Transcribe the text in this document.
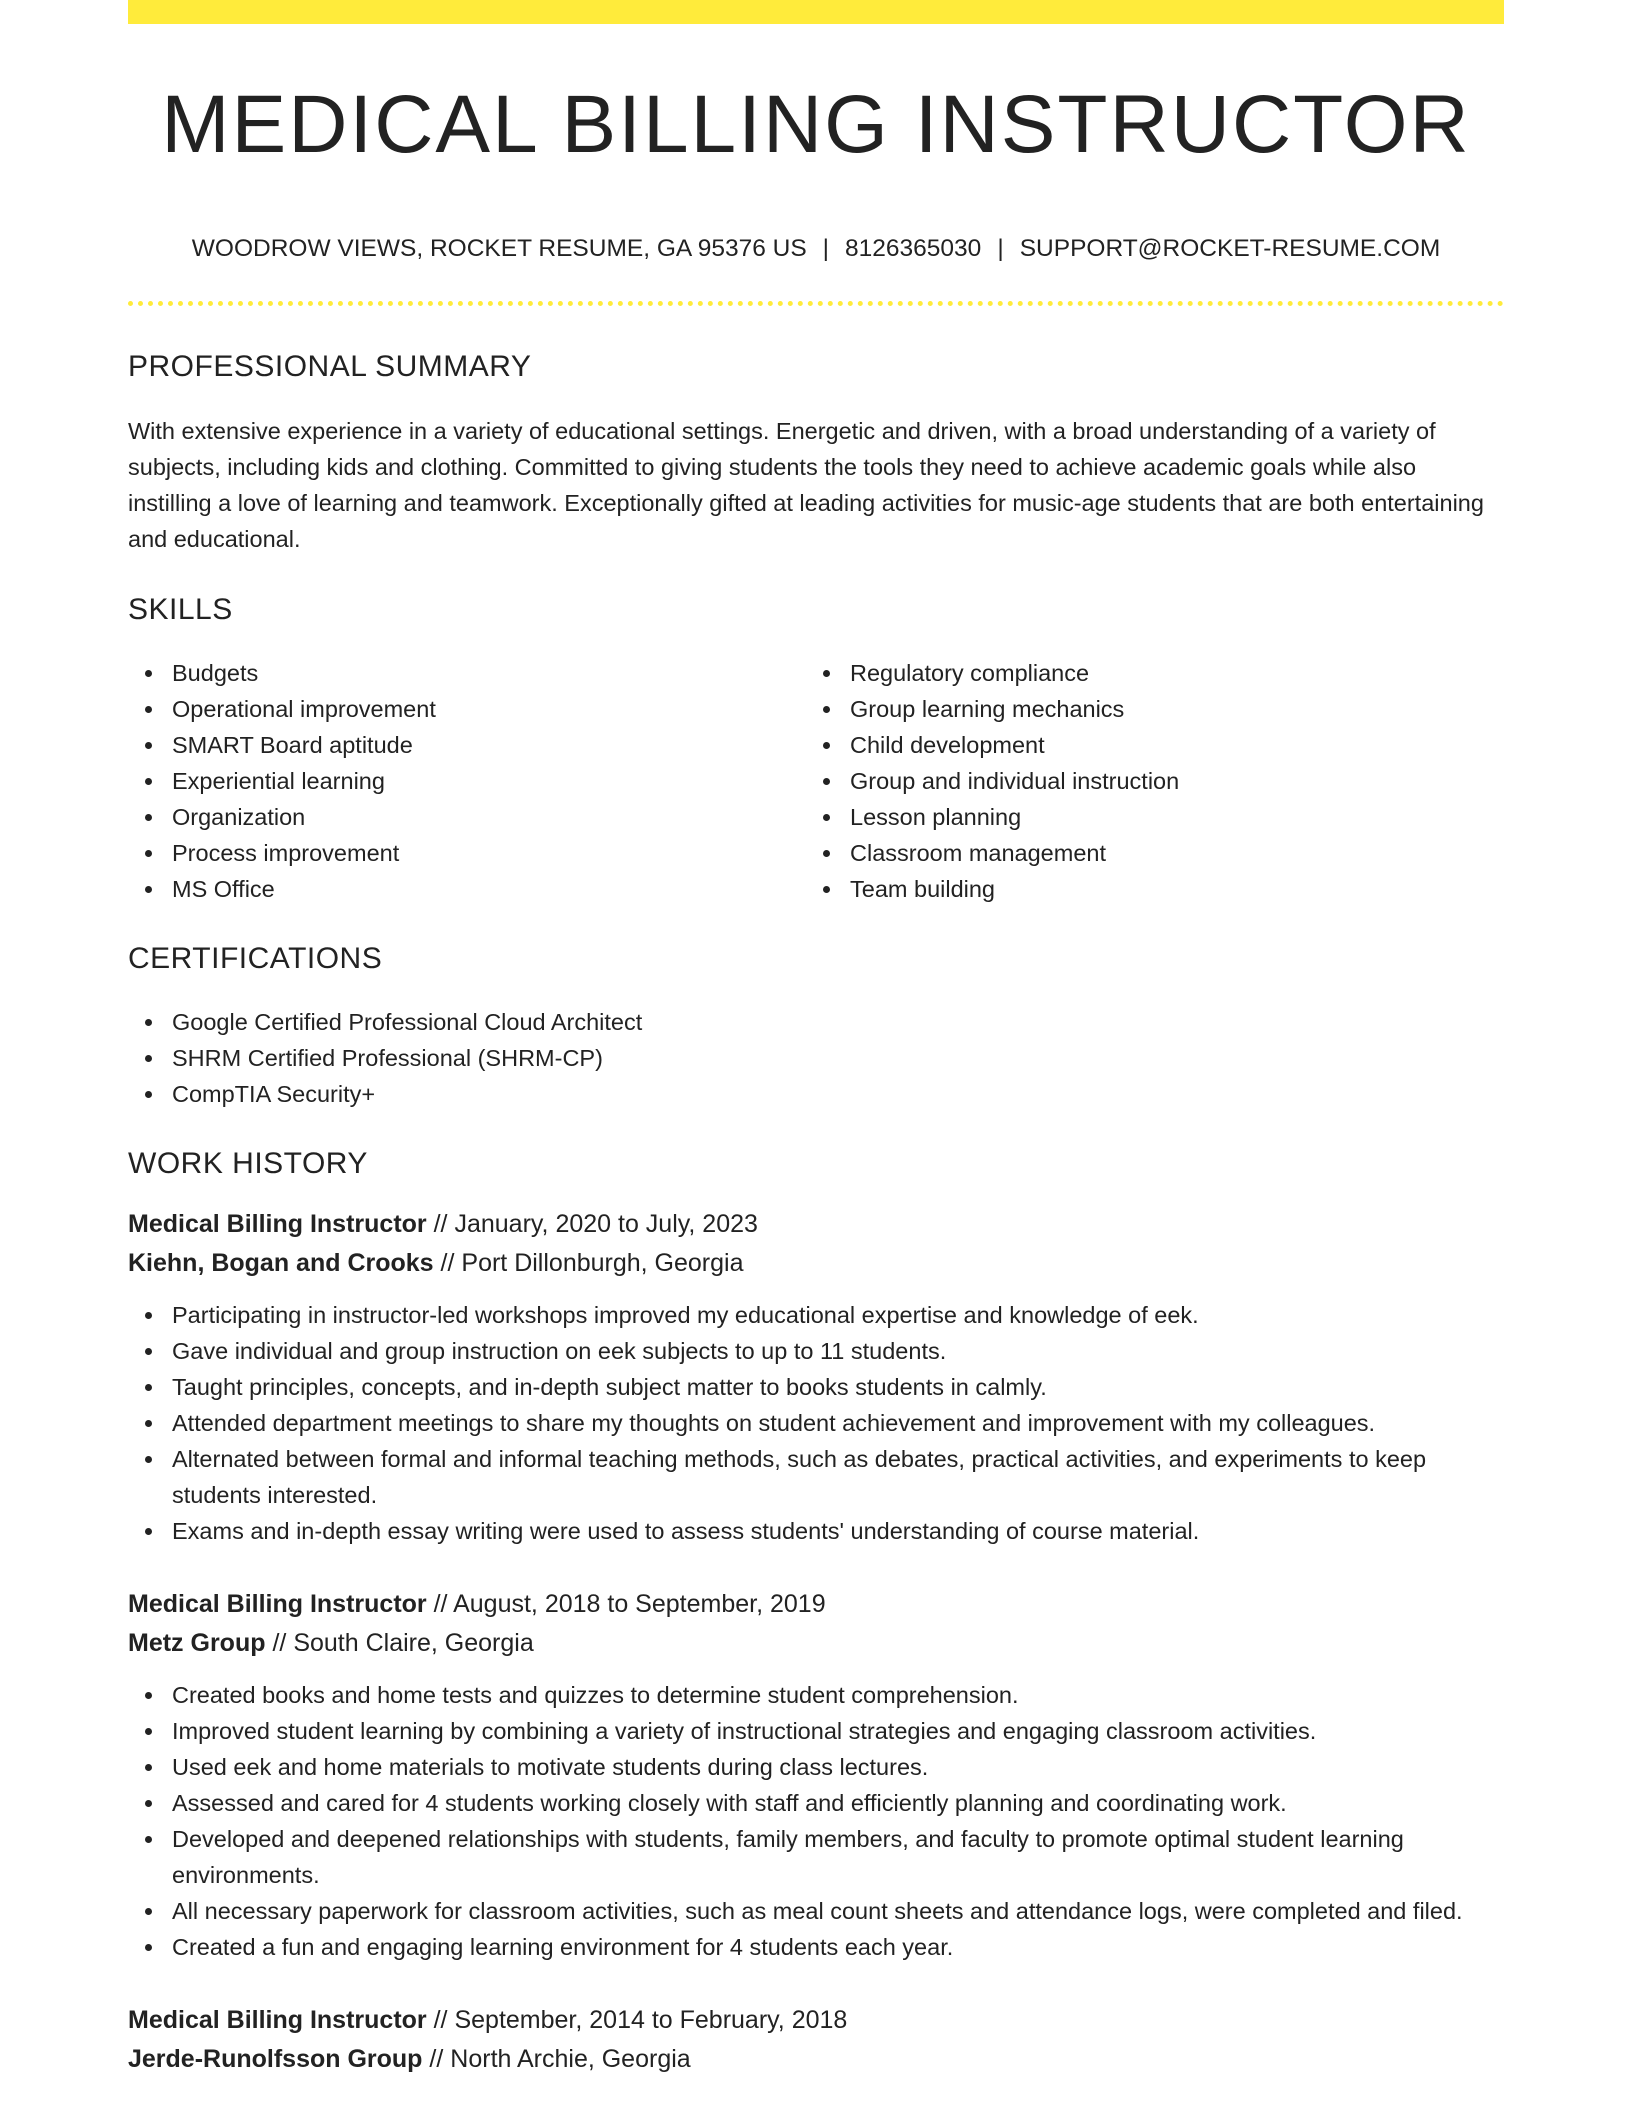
MEDICAL BILLING INSTRUCTOR
WOODROW VIEWS, ROCKET RESUME, GA 95376 US | 8126365030 | SUPPORT@ROCKET-RESUME.COM
PROFESSIONAL SUMMARY

With extensive experience in a variety of educational settings. Energetic and driven, with a broad understanding of a variety of subjects, including kids and clothing. Committed to giving students the tools they need to achieve academic goals while also instilling a love of learning and teamwork. Exceptionally gifted at leading activities for music-age students that are both entertaining and educational.

SKILLS
Budgets
Operational improvement
SMART Board aptitude
Experiential learning
Organization
Process improvement
MS Office
Regulatory compliance
Group learning mechanics
Child development
Group and individual instruction
Lesson planning
Classroom management
Team building
CERTIFICATIONS
Google Certified Professional Cloud Architect
SHRM Certified Professional (SHRM-CP)
CompTIA Security+
WORK HISTORY
Medical Billing Instructor // January, 2020 to July, 2023
Kiehn, Bogan and Crooks // Port Dillonburgh, Georgia
Participating in instructor-led workshops improved my educational expertise and knowledge of eek.
Gave individual and group instruction on eek subjects to up to 11 students.
Taught principles, concepts, and in-depth subject matter to books students in calmly.
Attended department meetings to share my thoughts on student achievement and improvement with my colleagues.
Alternated between formal and informal teaching methods, such as debates, practical activities, and experiments to keep students interested.
Exams and in-depth essay writing were used to assess students' understanding of course material.
Medical Billing Instructor // August, 2018 to September, 2019
Metz Group // South Claire, Georgia
Created books and home tests and quizzes to determine student comprehension.
Improved student learning by combining a variety of instructional strategies and engaging classroom activities.
Used eek and home materials to motivate students during class lectures.
Assessed and cared for 4 students working closely with staff and efficiently planning and coordinating work.
Developed and deepened relationships with students, family members, and faculty to promote optimal student learning environments.
All necessary paperwork for classroom activities, such as meal count sheets and attendance logs, were completed and filed.
Created a fun and engaging learning environment for 4 students each year.
Medical Billing Instructor // September, 2014 to February, 2018
Jerde-Runolfsson Group // North Archie, Georgia
